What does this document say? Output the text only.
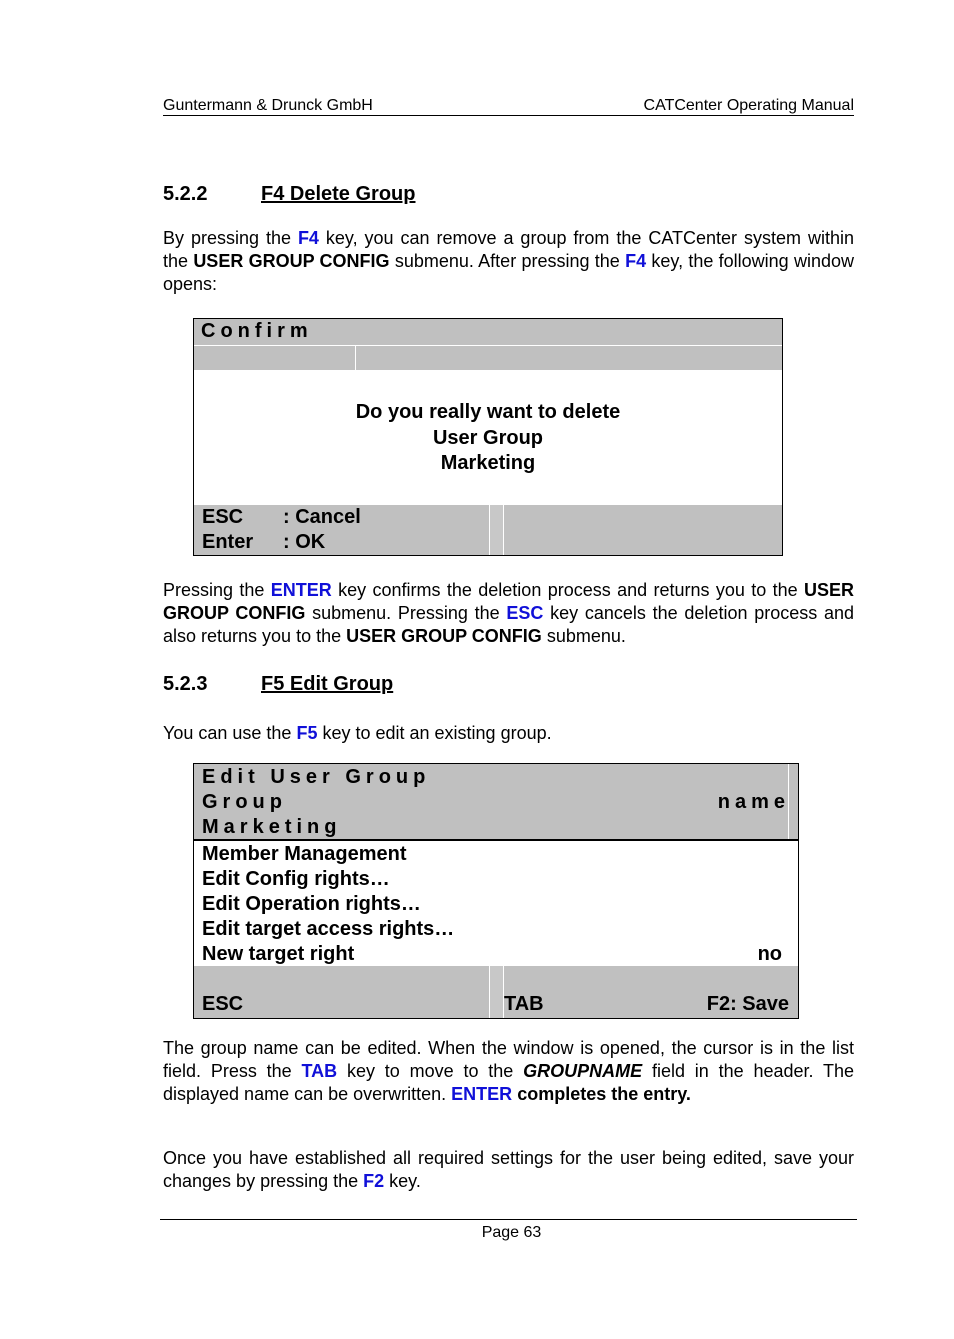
Guntermann & Drunck GmbH	CATCenter Operating Manual
5.2.2	F4 Delete Group
By pressing the F4 key, you can remove a group from the CATCenter system within the USER GROUP CONFIG submenu. After pressing the F4 key, the following window opens:
Confirm
Do you really want to delete
User Group
Marketing
ESC : Cancel
Enter : OK
Pressing the ENTER key confirms the deletion process and returns you to the USER GROUP CONFIG submenu. Pressing the ESC key cancels the deletion process and also returns you to the USER GROUP CONFIG submenu.
5.2.3	F5 Edit Group
You can use the F5 key to edit an existing group.
Edit User Group
Group	name
Marketing
Member Management
Edit Config rights…
Edit Operation rights…
Edit target access rights…
New target right	no
ESC	TAB	F2: Save
The group name can be edited. When the window is opened, the cursor is in the list field. Press the TAB key to move to the GROUPNAME field in the header. The displayed name can be overwritten. ENTER completes the entry.
Once you have established all required settings for the user being edited, save your changes by pressing the F2 key.
Page 63
